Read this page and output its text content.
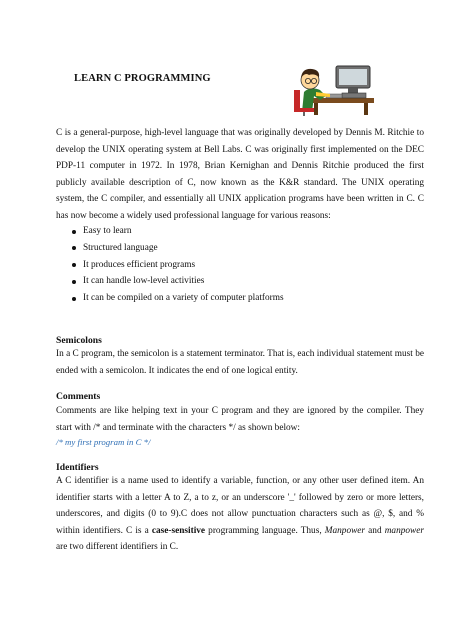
LEARN C PROGRAMMING
C is a general-purpose, high-level language that was originally developed by Dennis M. Ritchie to develop the UNIX operating system at Bell Labs. C was originally first implemented on the DEC PDP-11 computer in 1972. In 1978, Brian Kernighan and Dennis Ritchie produced the first publicly available description of C, now known as the K&R standard. The UNIX operating system, the C compiler, and essentially all UNIX application programs have been written in C. C has now become a widely used professional language for various reasons:
Easy to learn
Structured language
It produces efficient programs
It can handle low-level activities
It can be compiled on a variety of computer platforms
Semicolons
In a C program, the semicolon is a statement terminator. That is, each individual statement must be ended with a semicolon. It indicates the end of one logical entity.
Comments
Comments are like helping text in your C program and they are ignored by the compiler. They start with /* and terminate with the characters */ as shown below:
/* my first program in C */
Identifiers
A C identifier is a name used to identify a variable, function, or any other user defined item. An identifier starts with a letter A to Z, a to z, or an underscore '_' followed by zero or more letters, underscores, and digits (0 to 9).C does not allow punctuation characters such as @, $, and % within identifiers. C is a case-sensitive programming language. Thus, Manpower and manpower are two different identifiers in C.
